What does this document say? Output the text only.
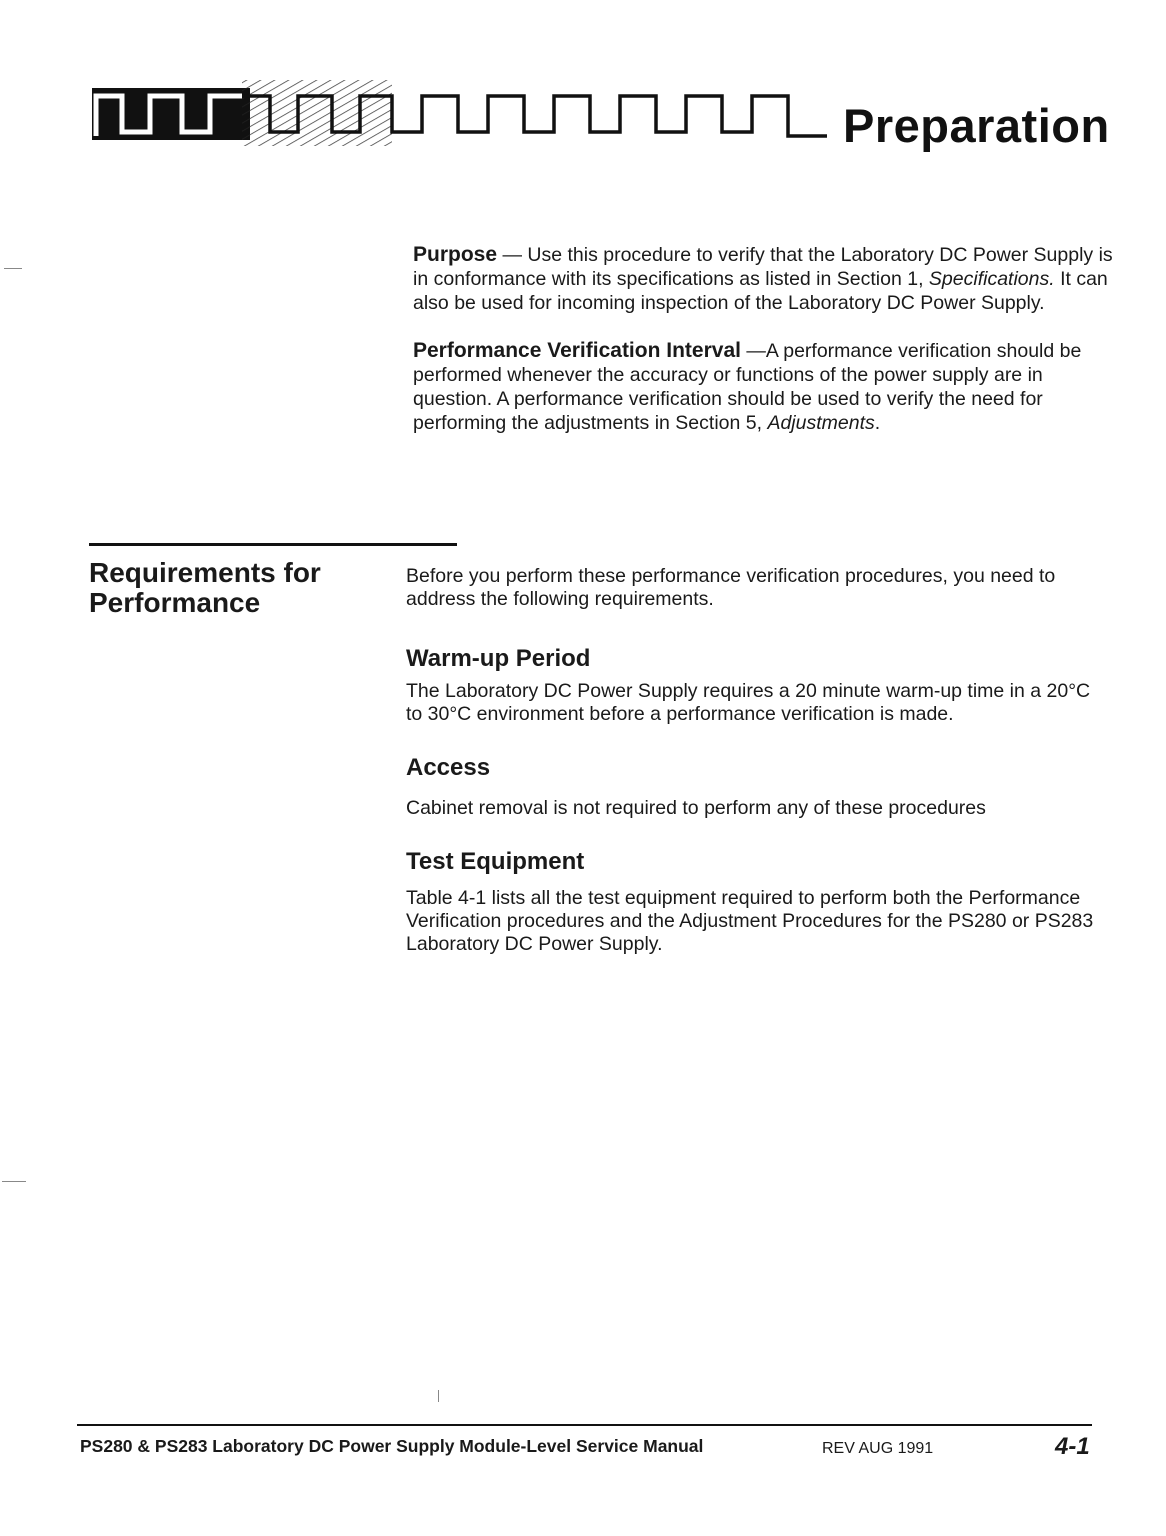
Preparation

Purpose — Use this procedure to verify that the Laboratory DC Power Supply is in conformance with its specifications as listed in Section 1, Specifications. It can also be used for incoming inspection of the Laboratory DC Power Supply.

Performance Verification Interval —A performance verification should be performed whenever the accuracy or functions of the power supply are in question. A performance verification should be used to verify the need for performing the adjustments in Section 5, Adjustments.

Requirements for Performance

Before you perform these performance verification procedures, you need to address the following requirements.

Warm-up Period

The Laboratory DC Power Supply requires a 20 minute warm-up time in a 20°C to 30°C environment before a performance verification is made.

Access

Cabinet removal is not required to perform any of these procedures

Test Equipment

Table 4-1 lists all the test equipment required to perform both the Performance Verification procedures and the Adjustment Procedures for the PS280 or PS283 Laboratory DC Power Supply.

PS280 & PS283 Laboratory DC Power Supply Module-Level Service Manual	REV AUG 1991	4-1
